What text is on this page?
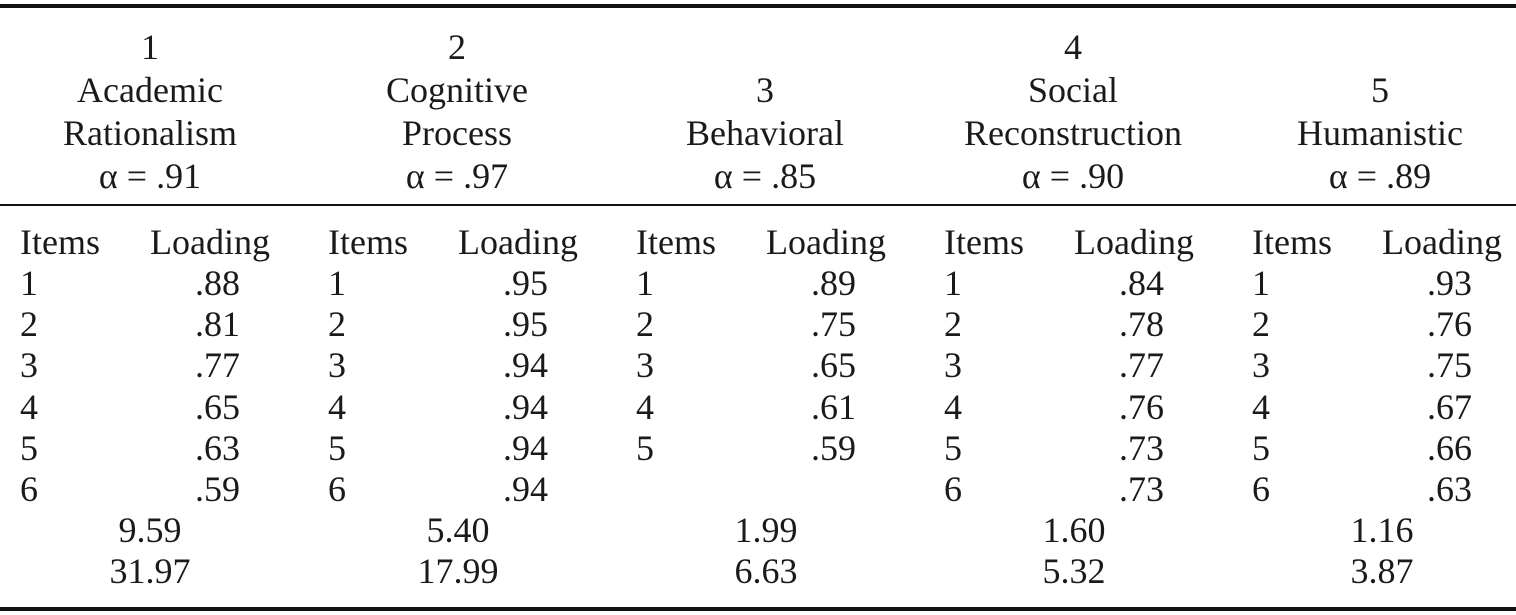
1
Academic
Rationalism
α = .91
2
Cognitive
Process
α = .97

3
Behavioral
α = .85
4
Social
Reconstruction
α = .90

5
Humanistic
α = .89
Items Loading
1
2
3
4
5
6
.88
.81
.77
.65
.63
.59
9.59
31.97
Items Loading
1
2
3
4
5
6
.95
.95
.94
.94
.94
.94
5.40
17.99
Items Loading
1
2
3
4
5
.89
.75
.65
.61
.59
1.99
6.63
Items Loading
1
2
3
4
5
6
.84
.78
.77
.76
.73
.73
1.60
5.32
Items Loading
1
2
3
4
5
6
.93
.76
.75
.67
.66
.63
1.16
3.87
